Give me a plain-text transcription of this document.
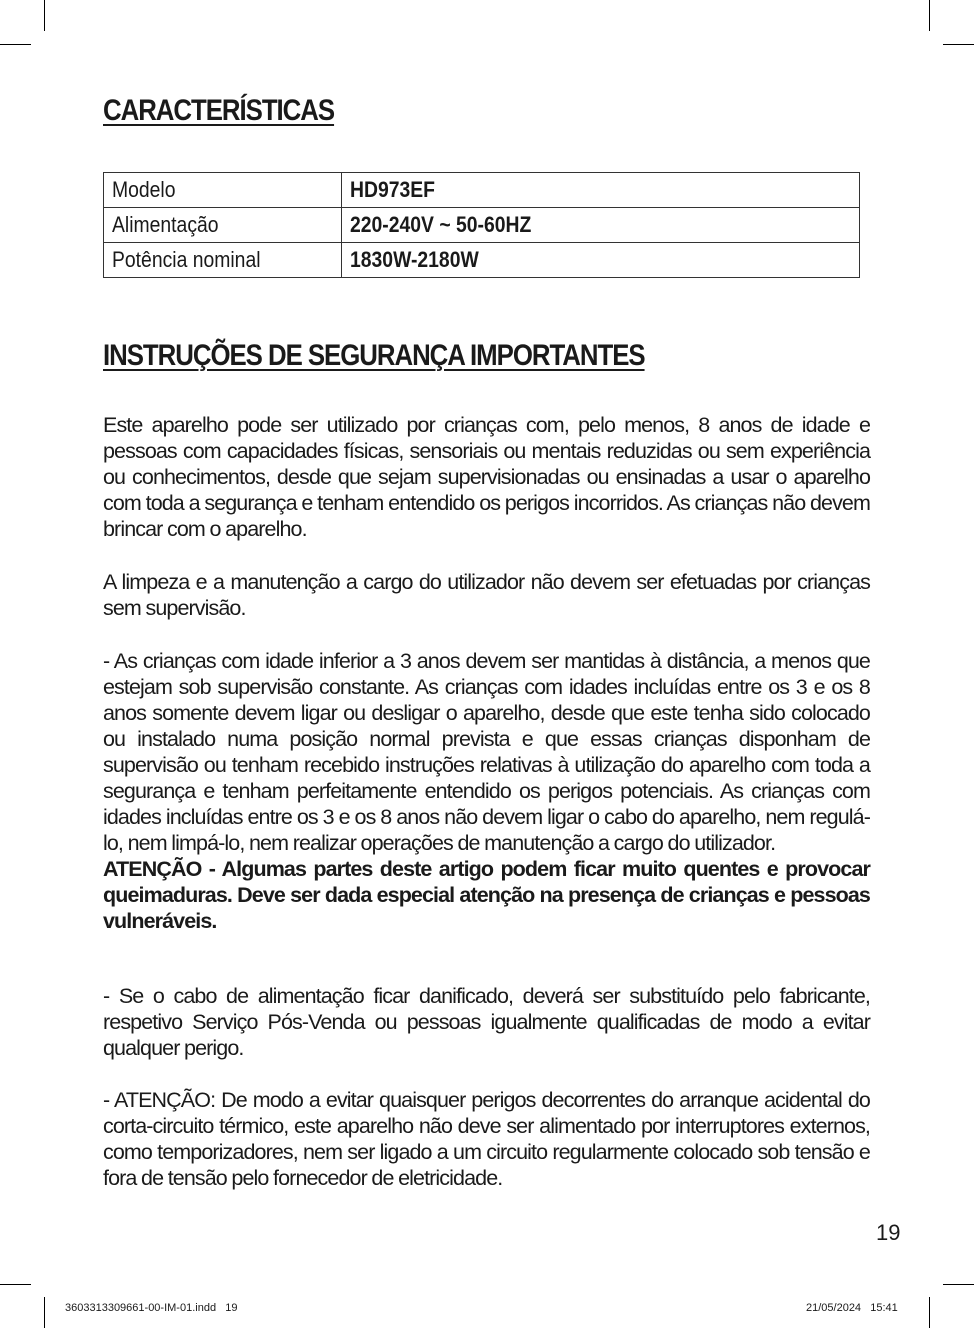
CARACTERÍSTICAS
Modelo	HD973EF
Alimentação	220-240V ~ 50-60HZ
Potência nominal	1830W-2180W
INSTRUÇÕES DE SEGURANÇA IMPORTANTES

Este aparelho pode ser utilizado por crianças com, pelo menos, 8 anos de idade e pessoas com capacidades físicas, sensoriais ou mentais reduzidas ou sem experiência ou conhecimentos, desde que sejam supervisionadas ou ensinadas a usar o aparelho com toda a segurança e tenham entendido os perigos incorridos. As crianças não devem brincar com o aparelho.

A limpeza e a manutenção a cargo do utilizador não devem ser efetuadas por crianças sem supervisão.

- As crianças com idade inferior a 3 anos devem ser mantidas à distância, a menos que estejam sob supervisão constante. As crianças com idades incluídas entre os 3 e os 8 anos somente devem ligar ou desligar o aparelho, desde que este tenha sido colocado ou instalado numa posição normal prevista e que essas crianças disponham de supervisão ou tenham recebido instruções relativas à utilização do aparelho com toda a segurança e tenham perfeitamente entendido os perigos potenciais. As crianças com idades incluídas entre os 3 e os 8 anos não devem ligar o cabo do aparelho, nem regulá-lo, nem limpá-lo, nem realizar operações de manutenção a cargo do utilizador.

ATENÇÃO - Algumas partes deste artigo podem ficar muito quentes e provocar queimaduras. Deve ser dada especial atenção na presença de crianças e pessoas vulneráveis.

- Se o cabo de alimentação ficar danificado, deverá ser substituído pelo fabricante, respetivo Serviço Pós-Venda ou pessoas igualmente qualificadas de modo a evitar qualquer perigo.

- ATENÇÃO: De modo a evitar quaisquer perigos decorrentes do arranque acidental do corta-circuito térmico, este aparelho não deve ser alimentado por interruptores externos, como temporizadores, nem ser ligado a um circuito regularmente colocado sob tensão e fora de tensão pelo fornecedor de eletricidade.

19
3603313309661-00-IM-01.indd   19	21/05/2024   15:41
